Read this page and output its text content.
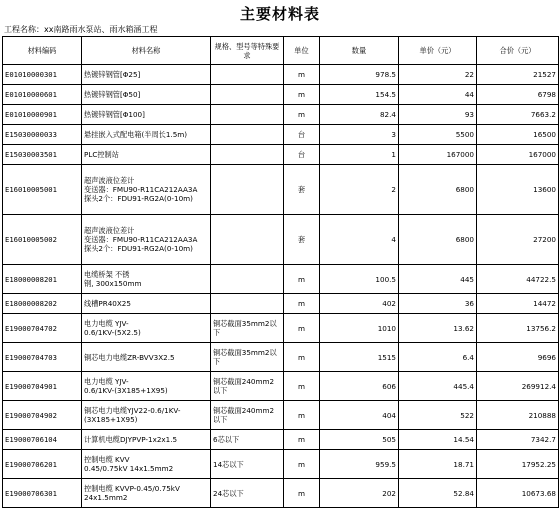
主要材料表
工程名称：xx南路雨水泵站、雨水箱涵工程
材料编码	材料名称	规格、型号等特殊要求	单位	数量	单价（元）	合价（元）
E01010000301	热镀锌钢管[Φ25]		m	978.5	22	21527
E01010000601	热镀锌钢管[Φ50]		m	154.5	44	6798
E01010000901	热镀锌钢管[Φ100]		m	82.4	93	7663.2
E15030000033	悬挂嵌入式配电箱(半周长1.5m)		台	3	5500	16500
E15030003501	PLC控制站		台	1	167000	167000
E16010005001	超声波液位差计
变送器：FMU90-R11CA212AA3A
探头2个：FDU91-RG2A(0-10m)		套	2	6800	13600
E16010005002	超声波液位差计
变送器：FMU90-R11CA212AA3A
探头2个：FDU91-RG2A(0-10m)		套	4	6800	27200
E18000008201	电缆桥架 不锈
钢, 300x150mm		m	100.5	445	44722.5
E18000008202	线槽PR40X25		m	402	36	14472
E19000704702	电力电缆 YJV-
0.6/1KV-(5X2.5)	铜芯截面35mm2以
下	m	1010	13.62	13756.2
E19000704703	铜芯电力电缆ZR-BVV3X2.5	铜芯截面35mm2以
下	m	1515	6.4	9696
E19000704901	电力电缆 YJV-
0.6/1KV-(3X185+1X95)	铜芯截面240mm2
以下	m	606	445.4	269912.4
E19000704902	铜芯电力电缆YJV22-0.6/1KV-
(3X185+1X95)	铜芯截面240mm2
以下	m	404	522	210888
E19000706104	计算机电缆DJYPVP-1x2x1.5	6芯以下	m	505	14.54	7342.7
E19000706201	控制电缆 KVV
0.45/0.75kV 14x1.5mm2	14芯以下	m	959.5	18.71	17952.25
E19000706301	控制电缆 KVVP-0.45/0.75kV
24x1.5mm2	24芯以下	m	202	52.84	10673.68
